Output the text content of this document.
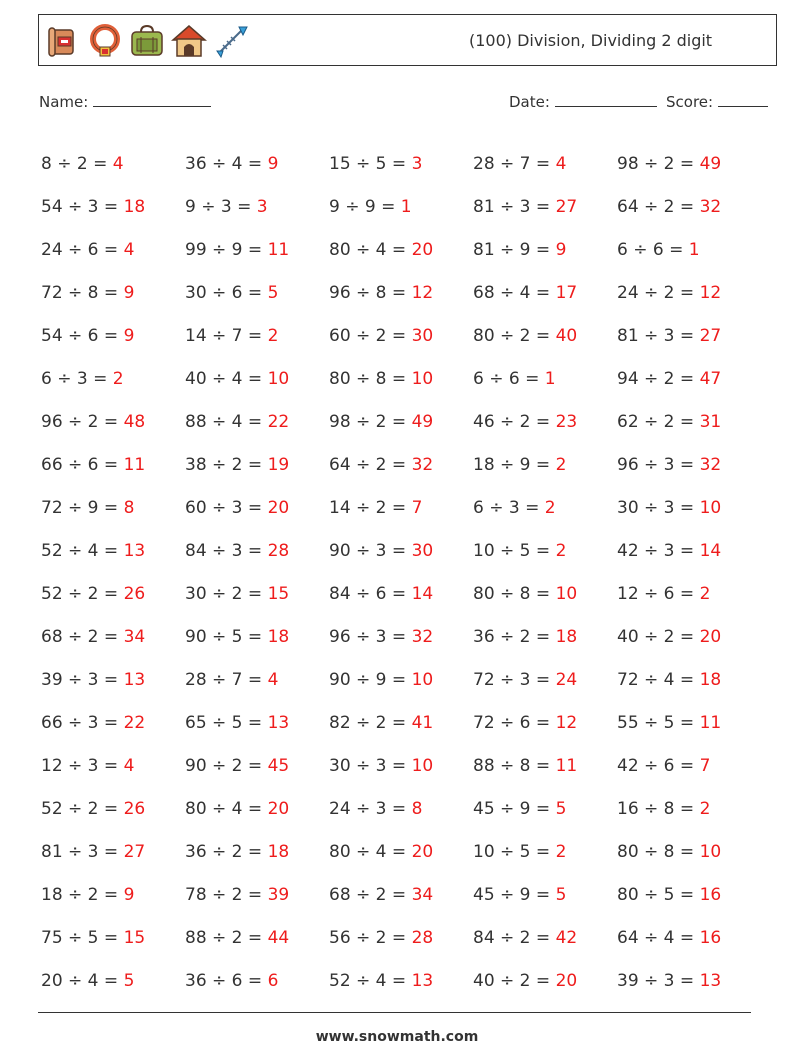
(100) Division, Dividing 2 digit
Name:	Date:	Score:
8 ÷ 2 = 4	36 ÷ 4 = 9	15 ÷ 5 = 3	28 ÷ 7 = 4	98 ÷ 2 = 49
54 ÷ 3 = 18	9 ÷ 3 = 3	9 ÷ 9 = 1	81 ÷ 3 = 27	64 ÷ 2 = 32
24 ÷ 6 = 4	99 ÷ 9 = 11	80 ÷ 4 = 20	81 ÷ 9 = 9	6 ÷ 6 = 1
72 ÷ 8 = 9	30 ÷ 6 = 5	96 ÷ 8 = 12	68 ÷ 4 = 17	24 ÷ 2 = 12
54 ÷ 6 = 9	14 ÷ 7 = 2	60 ÷ 2 = 30	80 ÷ 2 = 40	81 ÷ 3 = 27
6 ÷ 3 = 2	40 ÷ 4 = 10	80 ÷ 8 = 10	6 ÷ 6 = 1	94 ÷ 2 = 47
96 ÷ 2 = 48	88 ÷ 4 = 22	98 ÷ 2 = 49	46 ÷ 2 = 23	62 ÷ 2 = 31
66 ÷ 6 = 11	38 ÷ 2 = 19	64 ÷ 2 = 32	18 ÷ 9 = 2	96 ÷ 3 = 32
72 ÷ 9 = 8	60 ÷ 3 = 20	14 ÷ 2 = 7	6 ÷ 3 = 2	30 ÷ 3 = 10
52 ÷ 4 = 13	84 ÷ 3 = 28	90 ÷ 3 = 30	10 ÷ 5 = 2	42 ÷ 3 = 14
52 ÷ 2 = 26	30 ÷ 2 = 15	84 ÷ 6 = 14	80 ÷ 8 = 10	12 ÷ 6 = 2
68 ÷ 2 = 34	90 ÷ 5 = 18	96 ÷ 3 = 32	36 ÷ 2 = 18	40 ÷ 2 = 20
39 ÷ 3 = 13	28 ÷ 7 = 4	90 ÷ 9 = 10	72 ÷ 3 = 24	72 ÷ 4 = 18
66 ÷ 3 = 22	65 ÷ 5 = 13	82 ÷ 2 = 41	72 ÷ 6 = 12	55 ÷ 5 = 11
12 ÷ 3 = 4	90 ÷ 2 = 45	30 ÷ 3 = 10	88 ÷ 8 = 11	42 ÷ 6 = 7
52 ÷ 2 = 26	80 ÷ 4 = 20	24 ÷ 3 = 8	45 ÷ 9 = 5	16 ÷ 8 = 2
81 ÷ 3 = 27	36 ÷ 2 = 18	80 ÷ 4 = 20	10 ÷ 5 = 2	80 ÷ 8 = 10
18 ÷ 2 = 9	78 ÷ 2 = 39	68 ÷ 2 = 34	45 ÷ 9 = 5	80 ÷ 5 = 16
75 ÷ 5 = 15	88 ÷ 2 = 44	56 ÷ 2 = 28	84 ÷ 2 = 42	64 ÷ 4 = 16
20 ÷ 4 = 5	36 ÷ 6 = 6	52 ÷ 4 = 13	40 ÷ 2 = 20	39 ÷ 3 = 13
www.snowmath.com
